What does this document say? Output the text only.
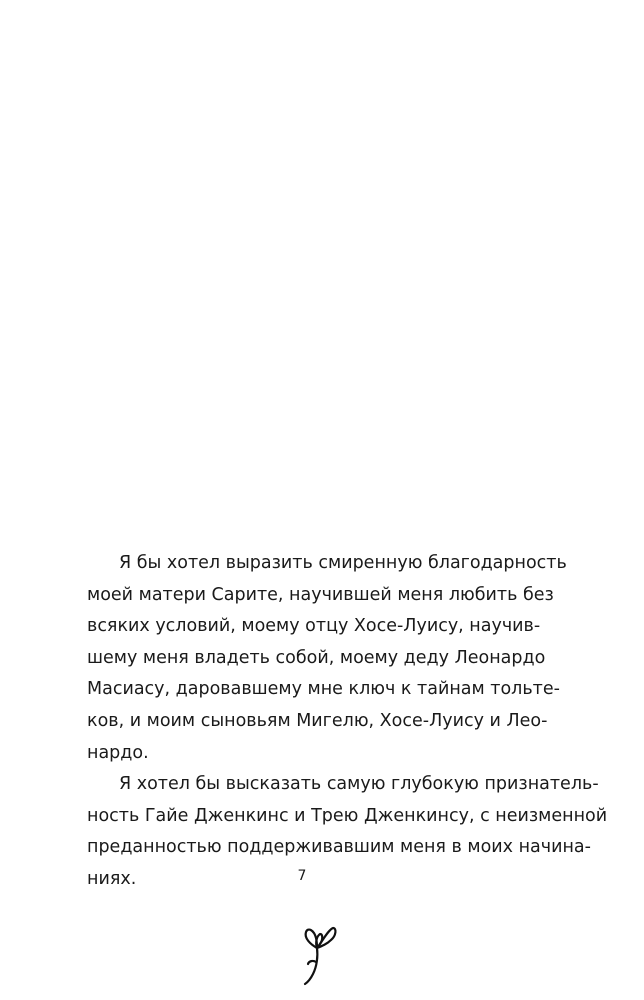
Я бы хотел выразить смиренную благодарность
моей матери Сарите, научившей меня любить без
всяких условий, моему отцу Хосе-Луису, научив-
шему меня владеть собой, моему деду Леонардо
Масиасу, даровавшему мне ключ к тайнам тольте-
ков, и моим сыновьям Мигелю, Хосе-Луису и Лео-
нардо.
Я хотел бы высказать самую глубокую признатель-
ность Гайе Дженкинс и Трею Дженкинсу, с неизменной
преданностью поддерживавшим меня в моих начина-
ниях.	7
